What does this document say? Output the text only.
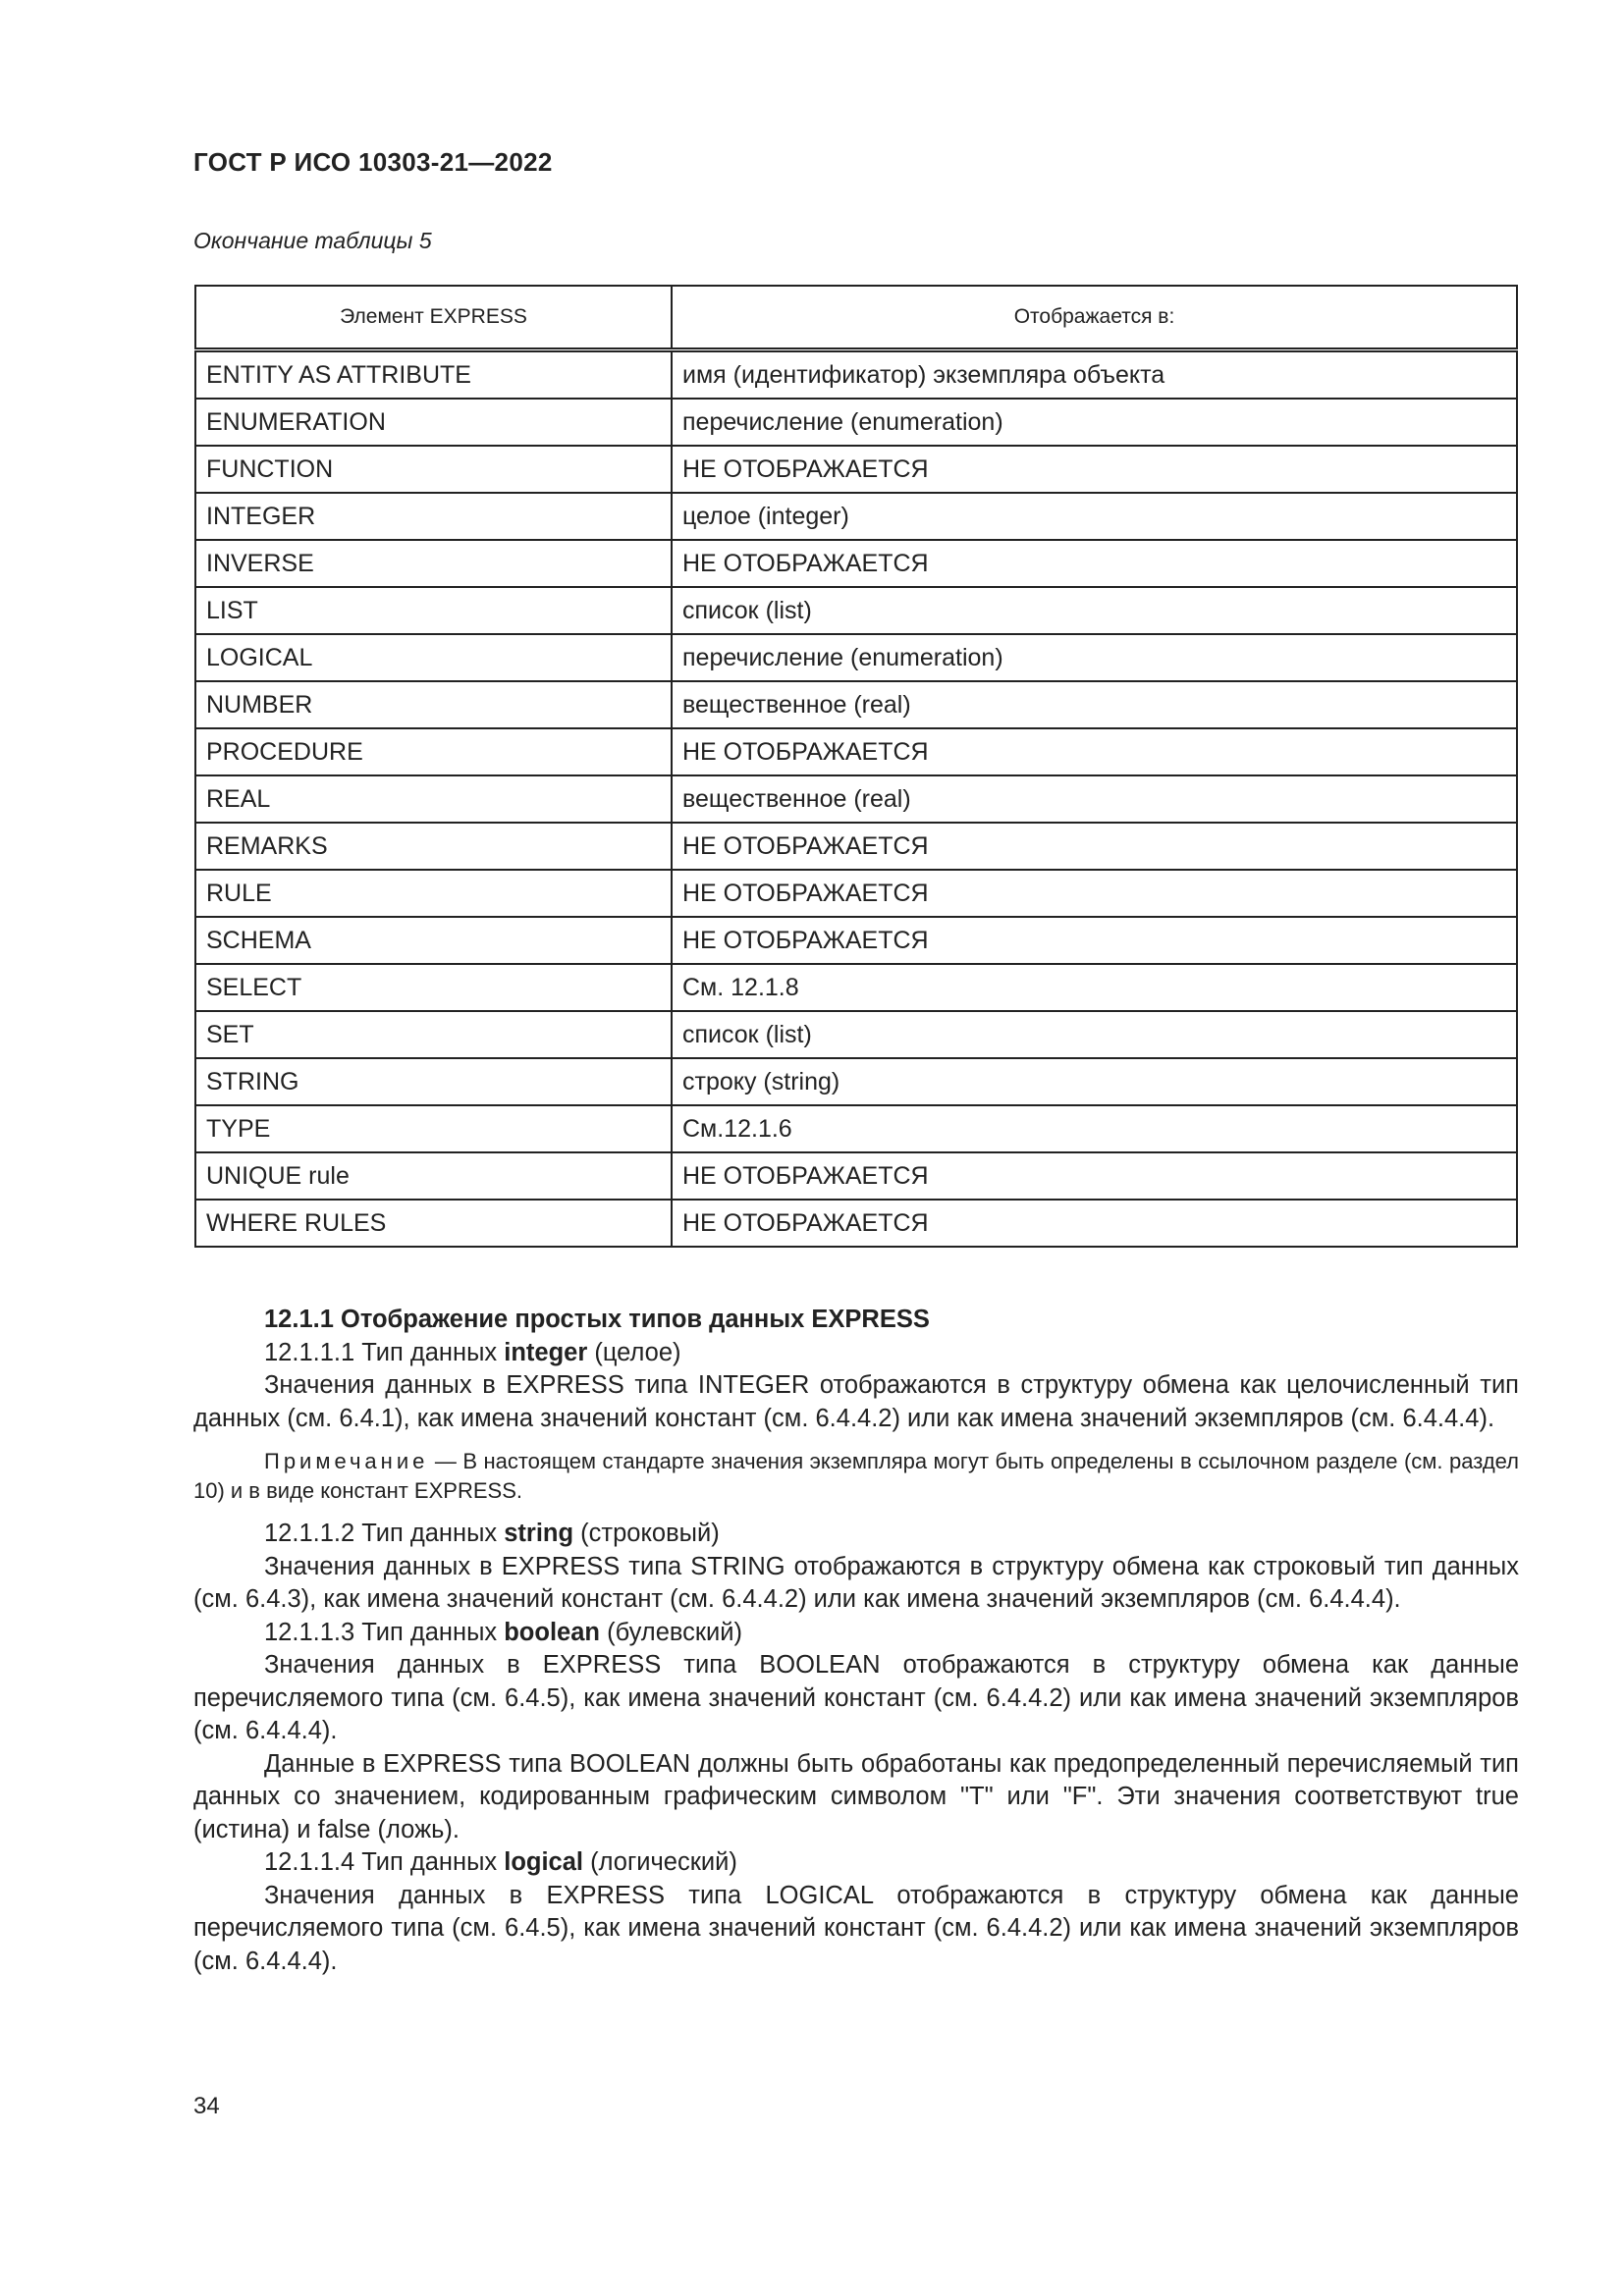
ГОСТ Р ИСО 10303-21—2022
Окончание таблицы 5
Элемент EXPRESS	Отображается в:
ENTITY AS ATTRIBUTE	имя (идентификатор) экземпляра объекта
ENUMERATION	перечисление (enumeration)
FUNCTION	НЕ ОТОБРАЖАЕТСЯ
INTEGER	целое (integer)
INVERSE	НЕ ОТОБРАЖАЕТСЯ
LIST	список (list)
LOGICAL	перечисление (enumeration)
NUMBER	вещественное (real)
PROCEDURE	НЕ ОТОБРАЖАЕТСЯ
REAL	вещественное (real)
REMARKS	НЕ ОТОБРАЖАЕТСЯ
RULE	НЕ ОТОБРАЖАЕТСЯ
SCHEMA	НЕ ОТОБРАЖАЕТСЯ
SELECT	См. 12.1.8
SET	список (list)
STRING	строку (string)
TYPE	См.12.1.6
UNIQUE rule	НЕ ОТОБРАЖАЕТСЯ
WHERE RULES	НЕ ОТОБРАЖАЕТСЯ

12.1.1 Отображение простых типов данных EXPRESS

12.1.1.1 Тип данных integer (целое)

Значения данных в EXPRESS типа INTEGER отображаются в структуру обмена как целочисленный тип данных (см. 6.4.1), как имена значений констант (см. 6.4.4.2) или как имена значений экземпляров (см. 6.4.4.4).

Примечание — В настоящем стандарте значения экземпляра могут быть определены в ссылочном разделе (см. раздел 10) и в виде констант EXPRESS.

12.1.1.2 Тип данных string (строковый)

Значения данных в EXPRESS типа STRING отображаются в структуру обмена как строковый тип данных (см. 6.4.3), как имена значений констант (см. 6.4.4.2) или как имена значений экземпляров (см. 6.4.4.4).

12.1.1.3 Тип данных boolean (булевский)

Значения данных в EXPRESS типа BOOLEAN отображаются в структуру обмена как данные перечисляемого типа (см. 6.4.5), как имена значений констант (см. 6.4.4.2) или как имена значений экземпляров (см. 6.4.4.4).

Данные в EXPRESS типа BOOLEAN должны быть обработаны как предопределенный перечисляемый тип данных со значением, кодированным графическим символом "T" или "F". Эти значения соответствуют true (истина) и false (ложь).

12.1.1.4 Тип данных logical (логический)

Значения данных в EXPRESS типа LOGICAL отображаются в структуру обмена как данные перечисляемого типа (см. 6.4.5), как имена значений констант (см. 6.4.4.2) или как имена значений экземпляров (см. 6.4.4.4).

34
